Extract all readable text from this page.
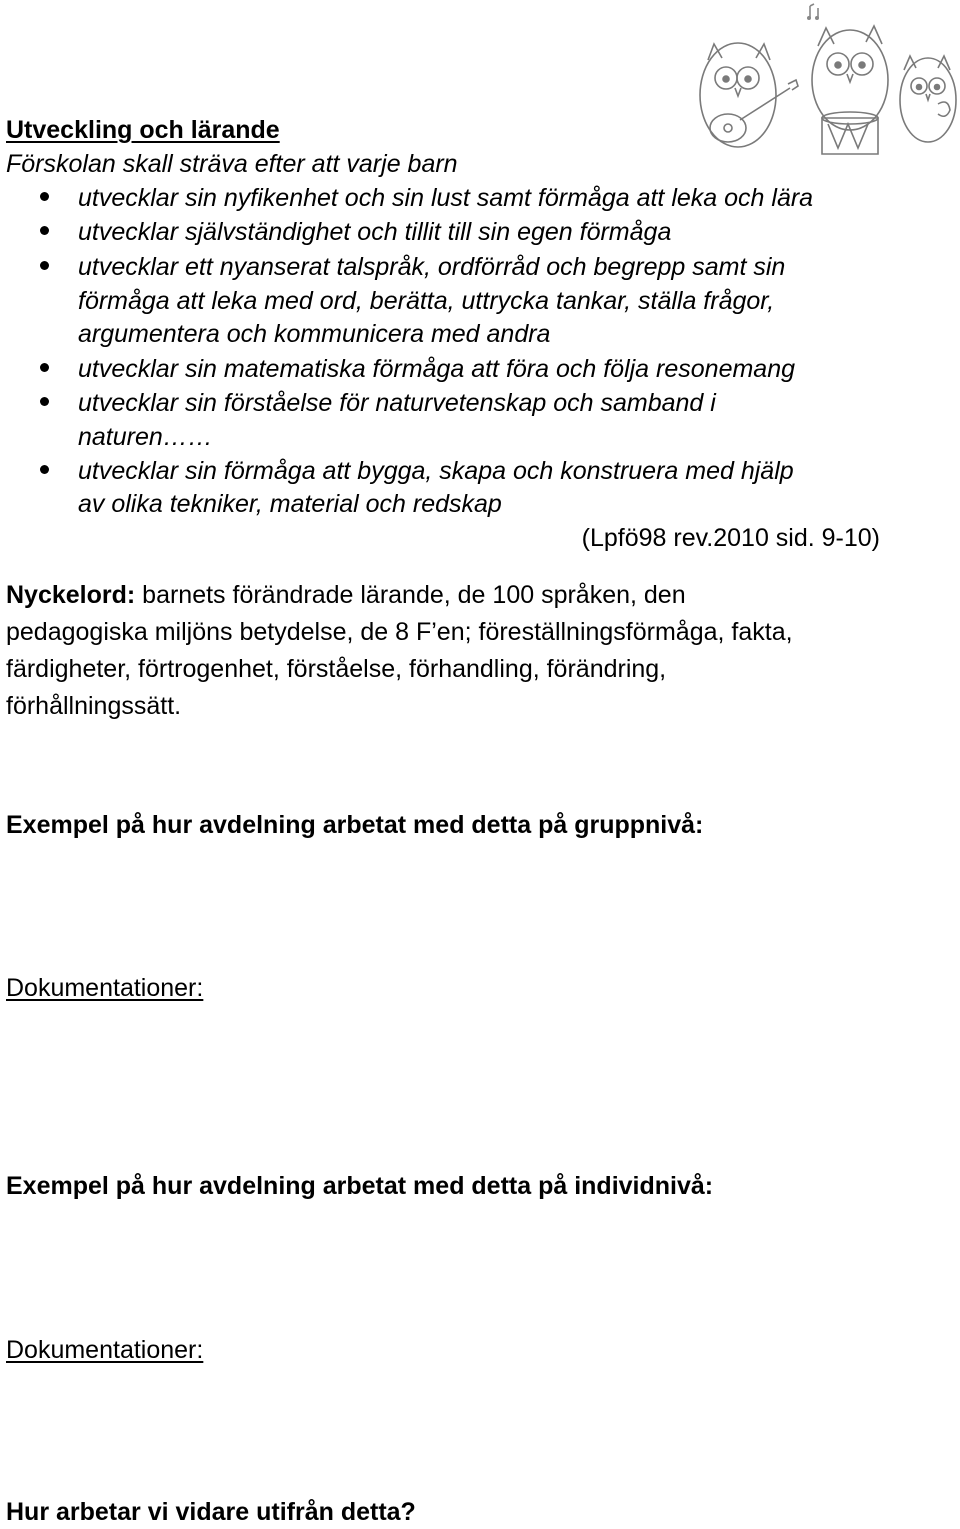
Utveckling och lärande
Förskolan skall sträva efter att varje barn
utvecklar sin nyfikenhet och sin lust samt förmåga att leka och lära
utvecklar självständighet och tillit till sin egen förmåga
utvecklar ett nyanserat talspråk, ordförråd och begrepp samt sin
förmåga att leka med ord, berätta, uttrycka tankar, ställa frågor,
argumentera och kommunicera med andra
utvecklar sin matematiska förmåga att föra och följa resonemang
utvecklar sin förståelse för naturvetenskap och samband i
naturen……
utvecklar sin förmåga att bygga, skapa och konstruera med hjälp
av olika tekniker, material och redskap
(Lpfö98 rev.2010 sid. 9-10)
Nyckelord: barnets förändrade lärande, de 100 språken, den
pedagogiska miljöns betydelse, de 8 F’en; föreställningsförmåga, fakta,
färdigheter, förtrogenhet, förståelse, förhandling, förändring,
förhållningssätt.
Exempel på hur avdelning arbetat med detta på gruppnivå:
Dokumentationer:
Exempel på hur avdelning arbetat med detta på individnivå:
Dokumentationer:
Hur arbetar vi vidare utifrån detta?
